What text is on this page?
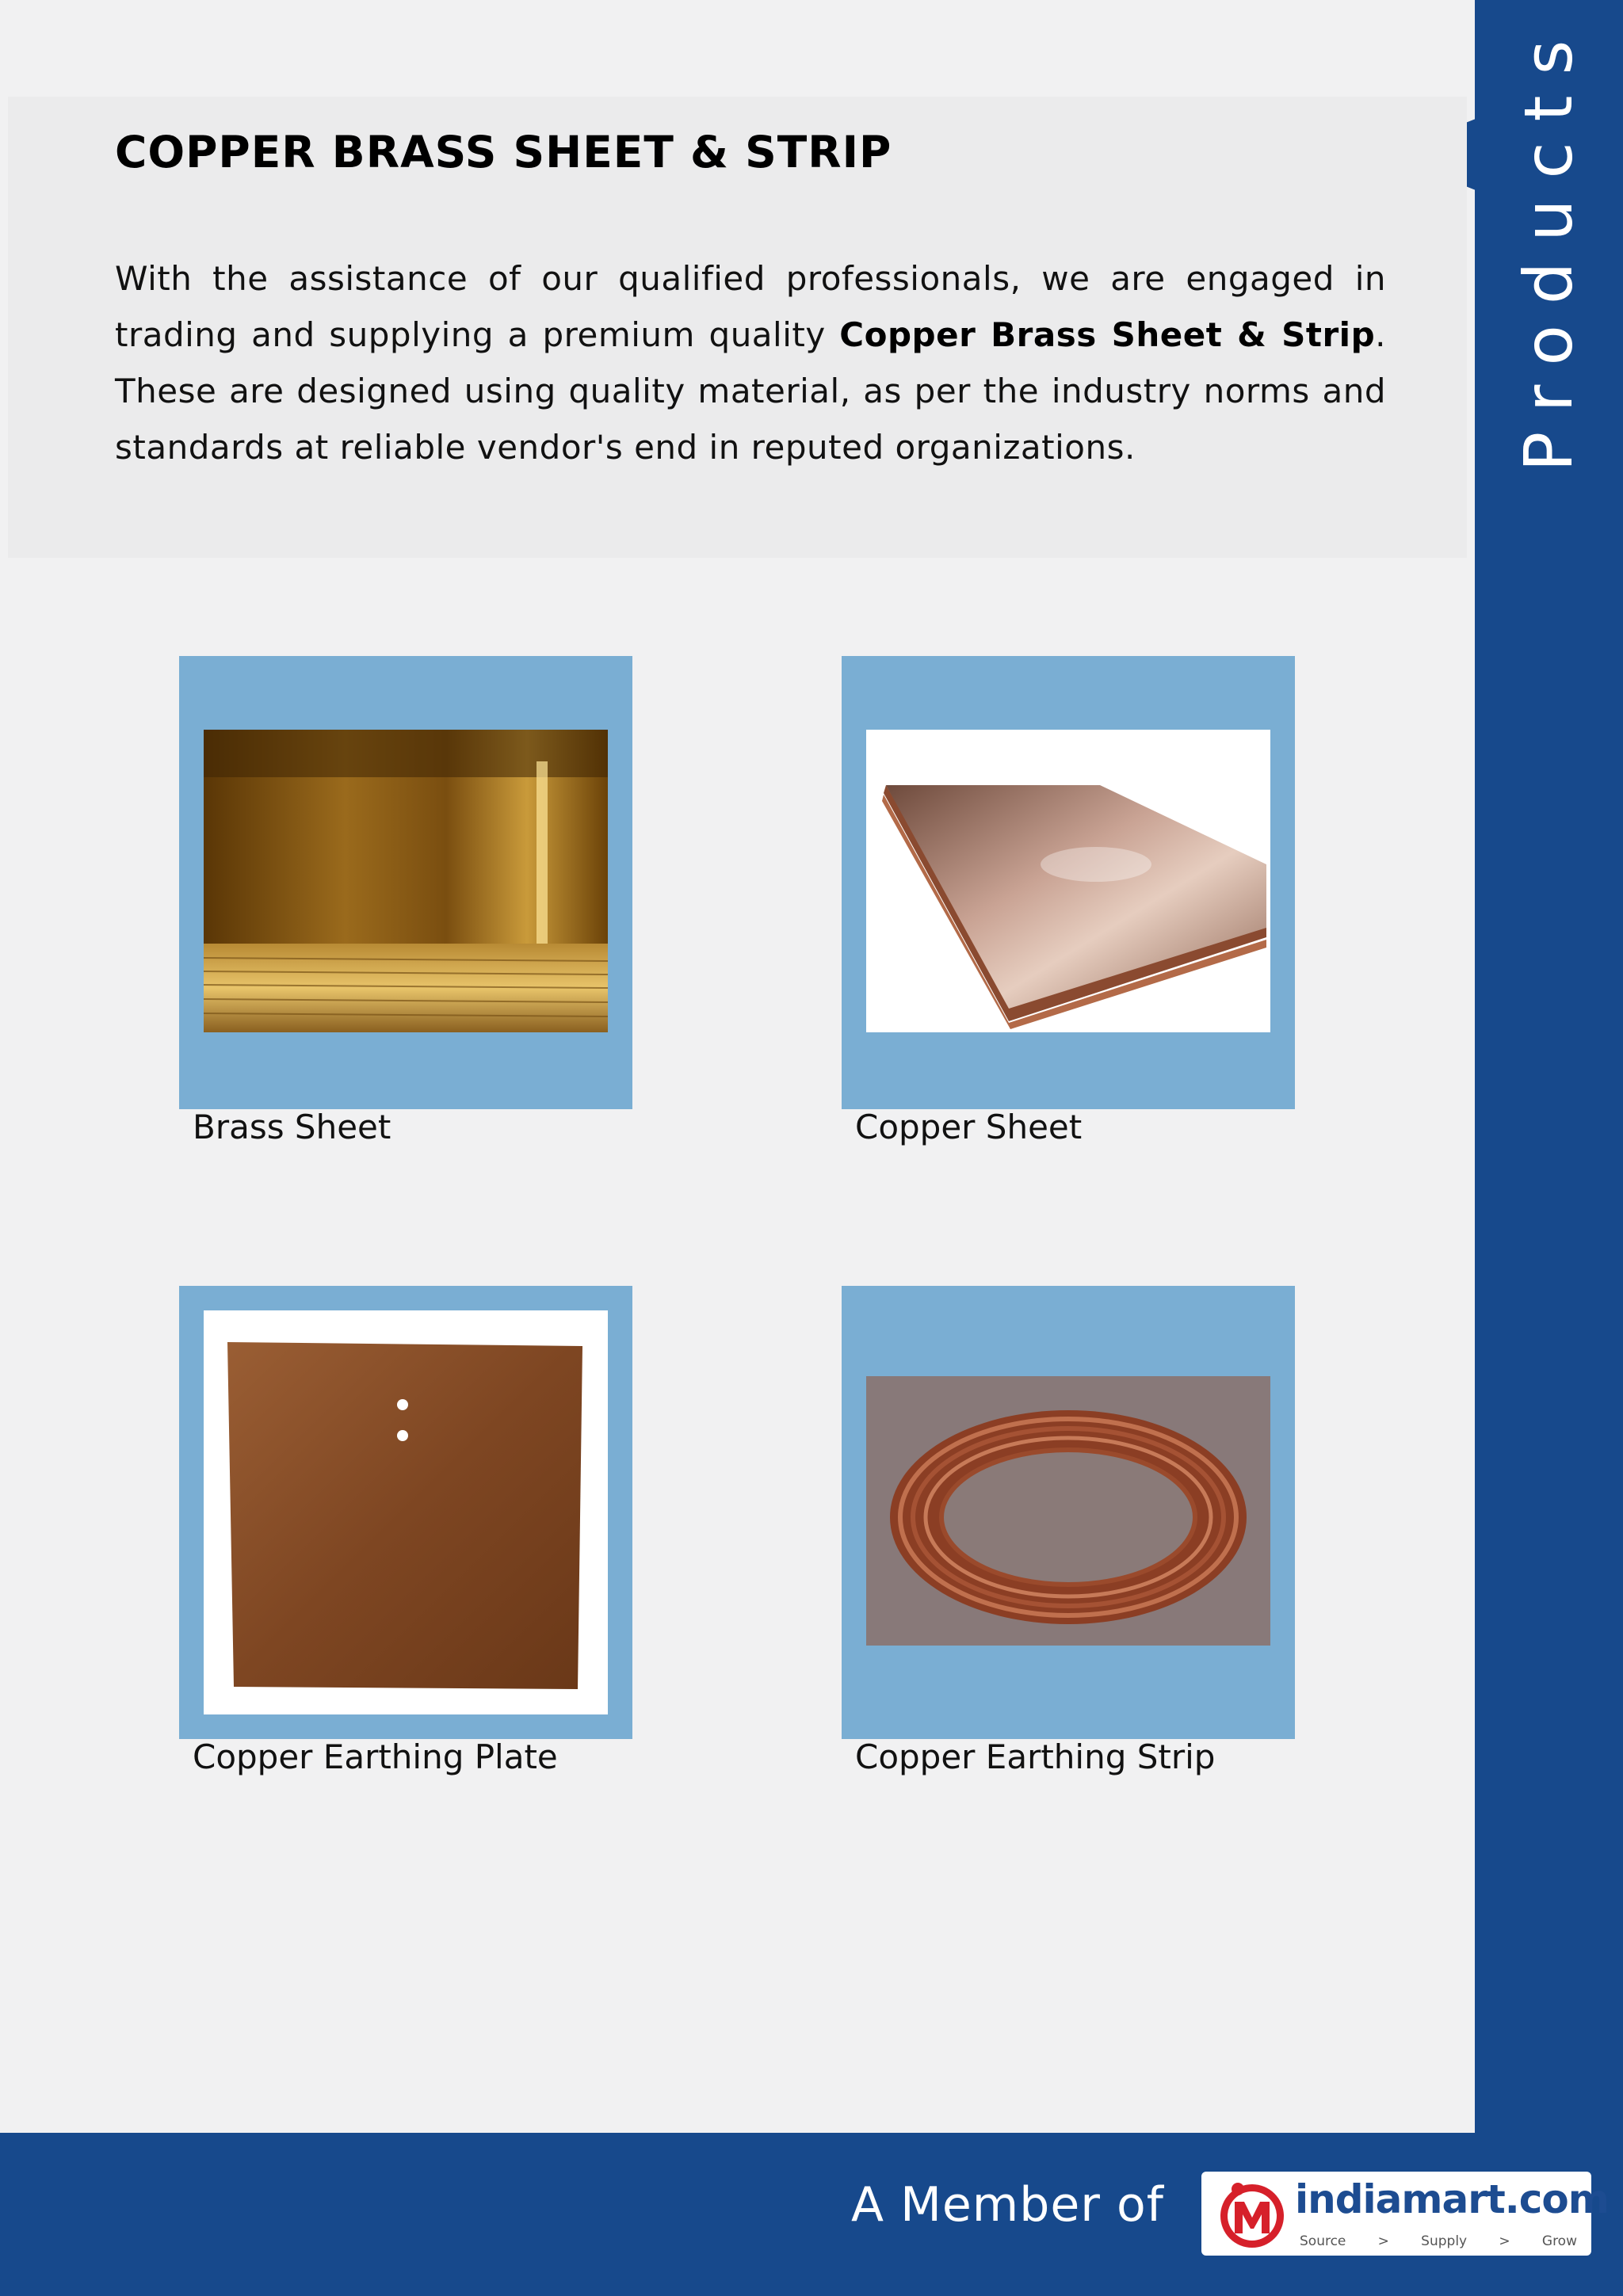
Products
COPPER BRASS SHEET & STRIP

With the assistance of our qualified professionals, we are engaged in trading and supplying a premium quality Copper Brass Sheet & Strip. These are designed using quality material, as per the industry norms and standards at reliable vendor's end in reputed organizations.

Brass Sheet	Copper Sheet
Copper Earthing Plate	Copper Earthing Strip
A Member of	indiamart.com
Source > Supply > Grow
